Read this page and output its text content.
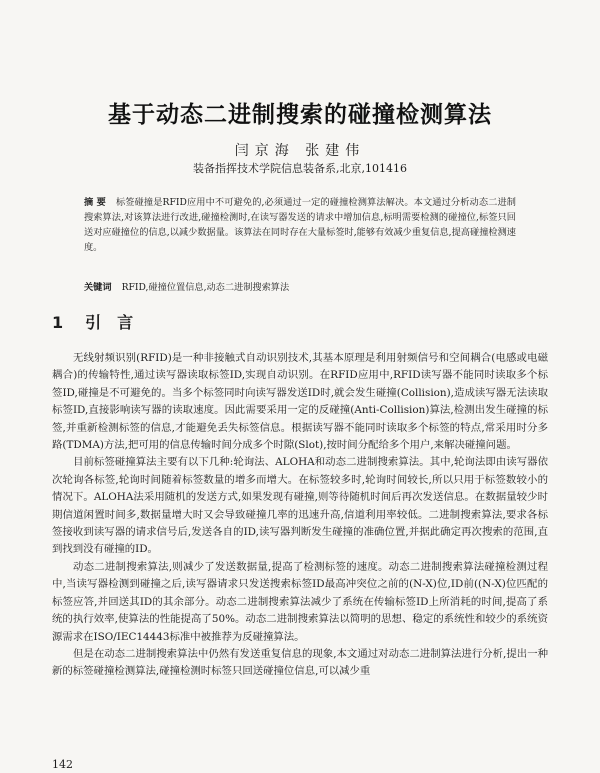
基于动态二进制搜索的碰撞检测算法
闫京海 张建伟
装备指挥技术学院信息装备系,北京,101416
摘 要 标签碰撞是RFID应用中不可避免的,必须通过一定的碰撞检测算法解决。本文通过分析动态二进制搜索算法,对该算法进行改进,碰撞检测时,在读写器发送的请求中增加信息,标明需要检测的碰撞位,标签只回送对应碰撞位的信息,以减少数据量。该算法在同时存在大量标签时,能够有效减少重复信息,提高碰撞检测速度。
关键词 RFID,碰撞位置信息,动态二进制搜索算法
1 引言

无线射频识别(RFID)是一种非接触式自动识别技术,其基本原理是利用射频信号和空间耦合(电感或电磁耦合)的传输特性,通过读写器读取标签ID,实现自动识别。在RFID应用中,RFID读写器不能同时读取多个标签ID,碰撞是不可避免的。当多个标签同时向读写器发送ID时,就会发生碰撞(Collision),造成读写器无法读取标签ID,直接影响读写器的读取速度。因此需要采用一定的反碰撞(Anti-Collision)算法,检测出发生碰撞的标签,并重新检测标签的信息,才能避免丢失标签信息。根据读写器不能同时读取多个标签的特点,常采用时分多路(TDMA)方法,把可用的信息传输时间分成多个时隙(Slot),按时间分配给多个用户,来解决碰撞问题。

目前标签碰撞算法主要有以下几种:轮询法、ALOHA和动态二进制搜索算法。其中,轮询法即由读写器依次轮询各标签,轮询时间随着标签数量的增多而增大。在标签较多时,轮询时间较长,所以只用于标签数较小的情况下。ALOHA法采用随机的发送方式,如果发现有碰撞,则等待随机时间后再次发送信息。在数据量较少时期信道闲置时间多,数据量增大时又会导致碰撞几率的迅速升高,信道利用率较低。二进制搜索算法,要求各标签接收到读写器的请求信号后,发送各自的ID,读写器判断发生碰撞的准确位置,并据此确定再次搜索的范围,直到找到没有碰撞的ID。

动态二进制搜索算法,则减少了发送数据量,提高了检测标签的速度。动态二进制搜索算法碰撞检测过程中,当读写器检测到碰撞之后,读写器请求只发送搜索标签ID最高冲突位之前的(N-X)位,ID前((N-X)位匹配的标签应答,并回送其ID的其余部分。动态二进制搜索算法减少了系统在传输标签ID上所消耗的时间,提高了系统的执行效率,使算法的性能提高了50%。动态二进制搜索算法以简明的思想、稳定的系统性和较少的系统资源需求在ISO/IEC14443标准中被推荐为反碰撞算法。

但是在动态二进制搜索算法中仍然有发送重复信息的现象,本文通过对动态二进制算法进行分析,提出一种新的标签碰撞检测算法,碰撞检测时标签只回送碰撞位信息,可以减少重

142
